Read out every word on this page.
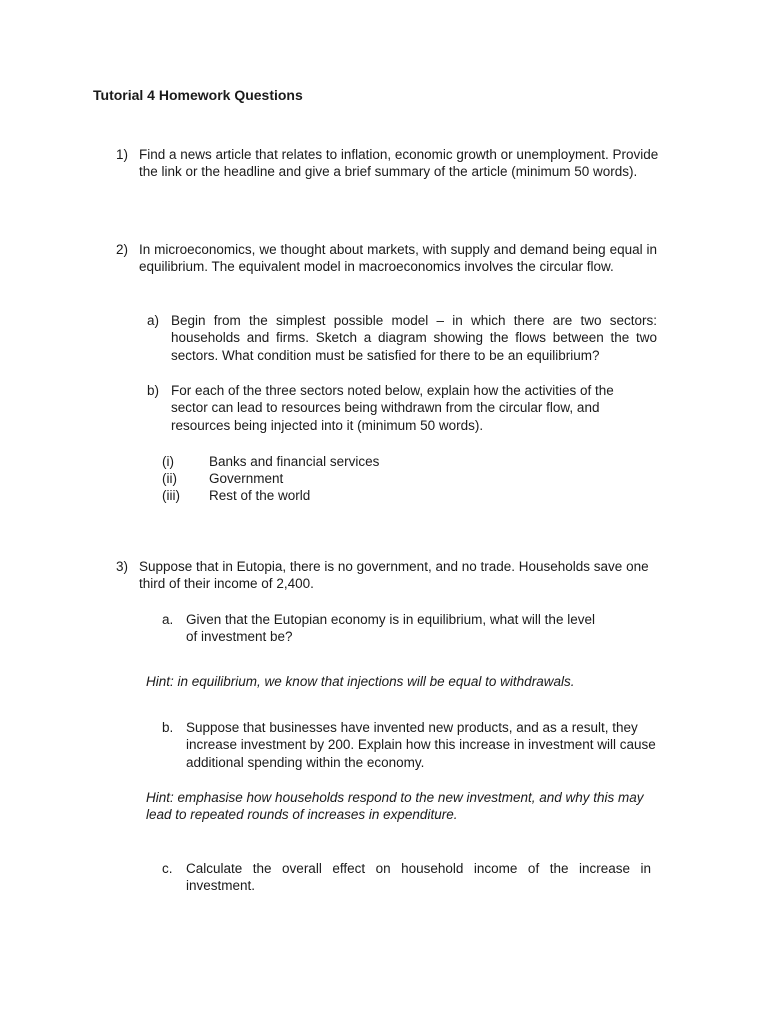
Tutorial 4 Homework Questions
1) Find a news article that relates to inflation, economic growth or unemployment. Provide the link or the headline and give a brief summary of the article (minimum 50 words).
2) In microeconomics, we thought about markets, with supply and demand being equal in equilibrium. The equivalent model in macroeconomics involves the circular flow.
a) Begin from the simplest possible model – in which there are two sectors: households and firms. Sketch a diagram showing the flows between the two sectors. What condition must be satisfied for there to be an equilibrium?
b) For each of the three sectors noted below, explain how the activities of the sector can lead to resources being withdrawn from the circular flow, and resources being injected into it (minimum 50 words).
(i)	Banks and financial services
(ii) Government
(iii) Rest of the world
3) Suppose that in Eutopia, there is no government, and no trade. Households save one third of their income of 2,400.
a. Given that the Eutopian economy is in equilibrium, what will the level of investment be?
Hint: in equilibrium, we know that injections will be equal to withdrawals.
b. Suppose that businesses have invented new products, and as a result, they increase investment by 200. Explain how this increase in investment will cause additional spending within the economy.
Hint: emphasise how households respond to the new investment, and why this may lead to repeated rounds of increases in expenditure.
c. Calculate the overall effect on household income of the increase in investment.
